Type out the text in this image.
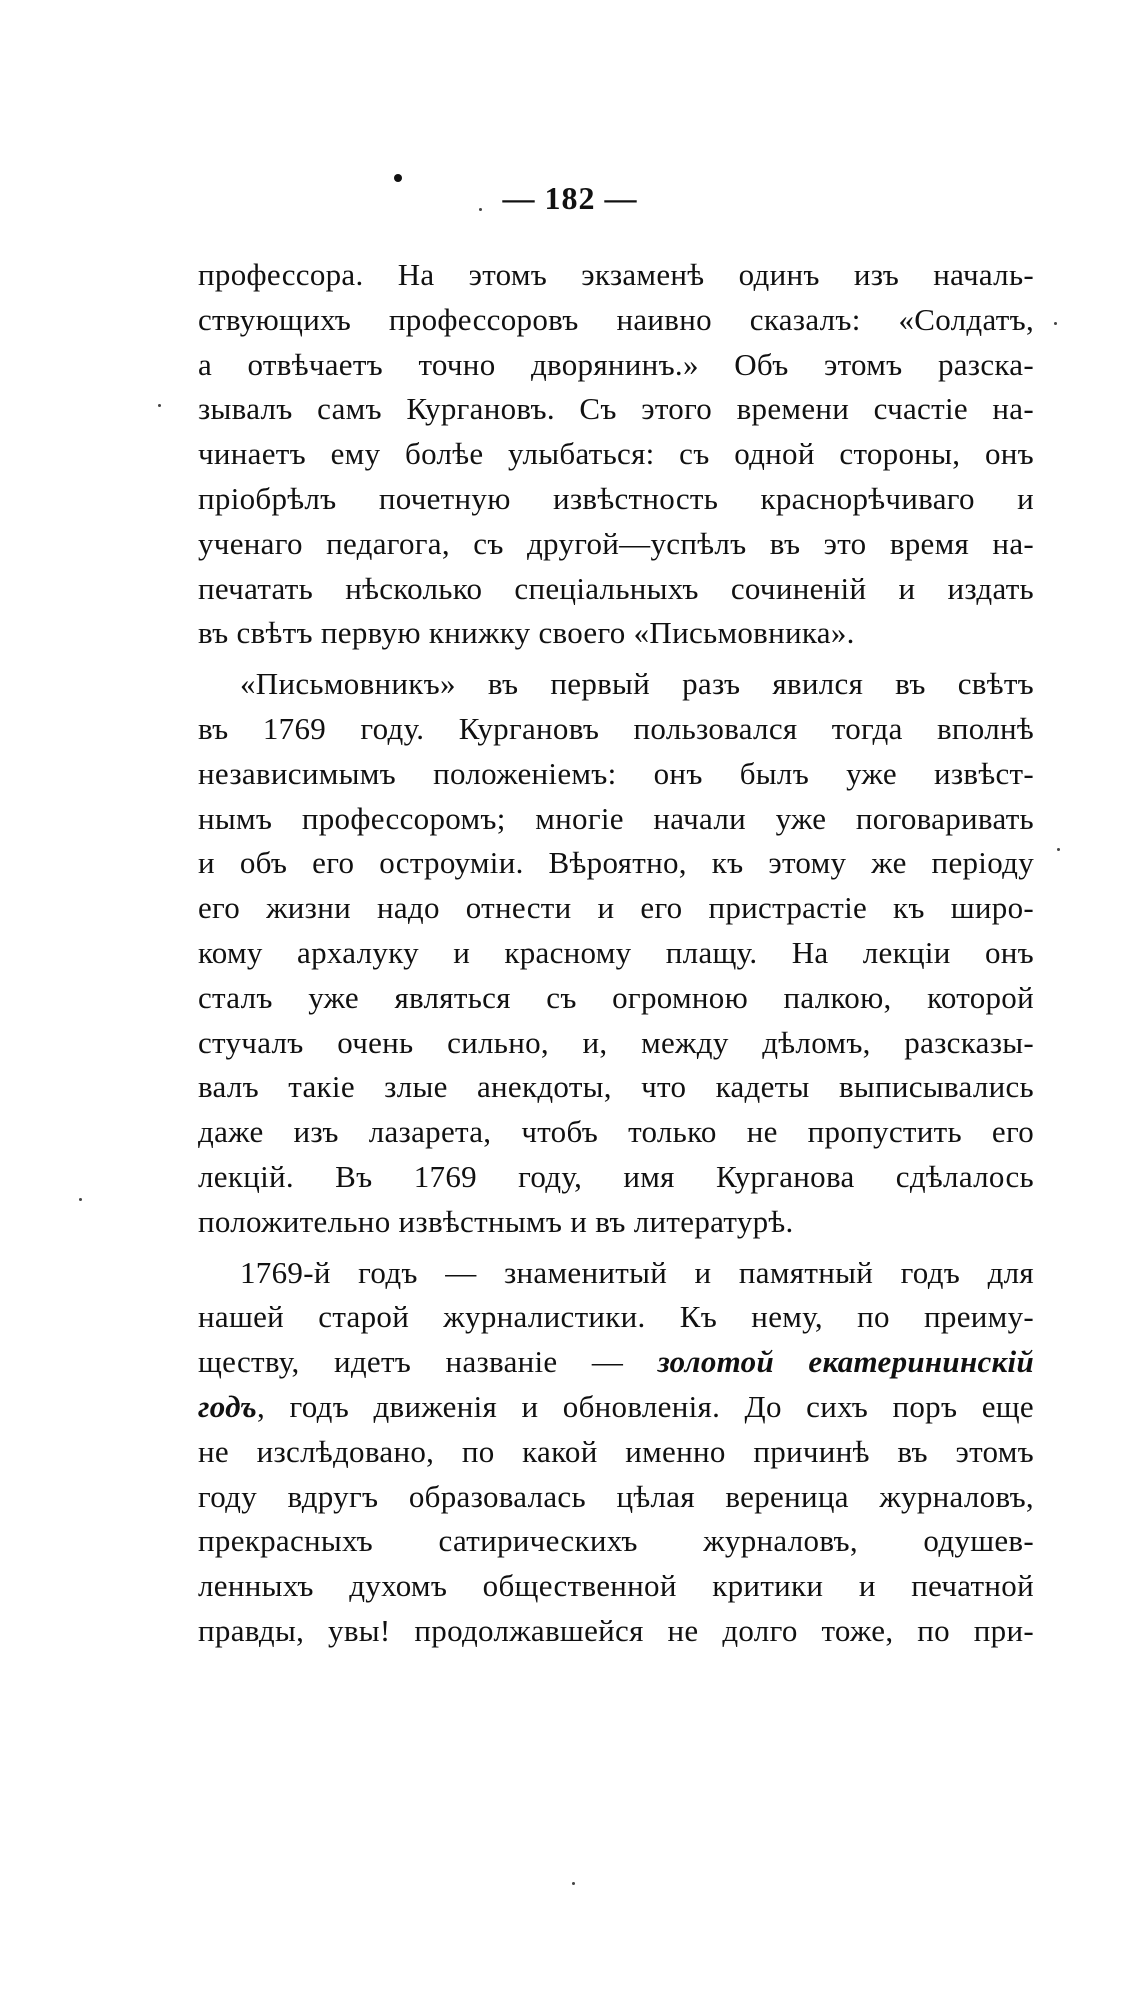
— 182 —
профессора. На этомъ экзаменѣ одинъ изъ началь-
ствующихъ профессоровъ наивно сказалъ: «Солдатъ,
а отвѣчаетъ точно дворянинъ.» Объ этомъ разска-
зывалъ самъ Кургановъ. Съ этого времени счастіе на-
чинаетъ ему болѣе улыбаться: съ одной стороны, онъ
пріобрѣлъ почетную извѣстность краснорѣчиваго и
ученаго педагога, съ другой—успѣлъ въ это время на-
печатать нѣсколько спеціальныхъ сочиненій и издать
въ свѣтъ первую книжку своего «Письмовника».
«Письмовникъ» въ первый разъ явился въ свѣтъ
въ 1769 году. Кургановъ пользовался тогда вполнѣ
независимымъ положеніемъ: онъ былъ уже извѣст-
нымъ профессоромъ; многіе начали уже поговаривать
и объ его остроуміи. Вѣроятно, къ этому же періоду
его жизни надо отнести и его пристрастіе къ широ-
кому архалуку и красному плащу. На лекціи онъ
сталъ уже являться съ огромною палкою, которой
стучалъ очень сильно, и, между дѣломъ, разсказы-
валъ такіе злые анекдоты, что кадеты выписывались
даже изъ лазарета, чтобъ только не пропустить его
лекцій. Въ 1769 году, имя Курганова сдѣлалось
положительно извѣстнымъ и въ литературѣ.
1769-й годъ — знаменитый и памятный годъ для
нашей старой журналистики. Къ нему, по преиму-
ществу, идетъ названіе — золотой екатерининскій
годъ, годъ движенія и обновленія. До сихъ поръ еще
не изслѣдовано, по какой именно причинѣ въ этомъ
году вдругъ образовалась цѣлая вереница журналовъ,
прекрасныхъ сатирическихъ журналовъ, одушев-
ленныхъ духомъ общественной критики и печатной
правды, увы! продолжавшейся не долго тоже, по при-
